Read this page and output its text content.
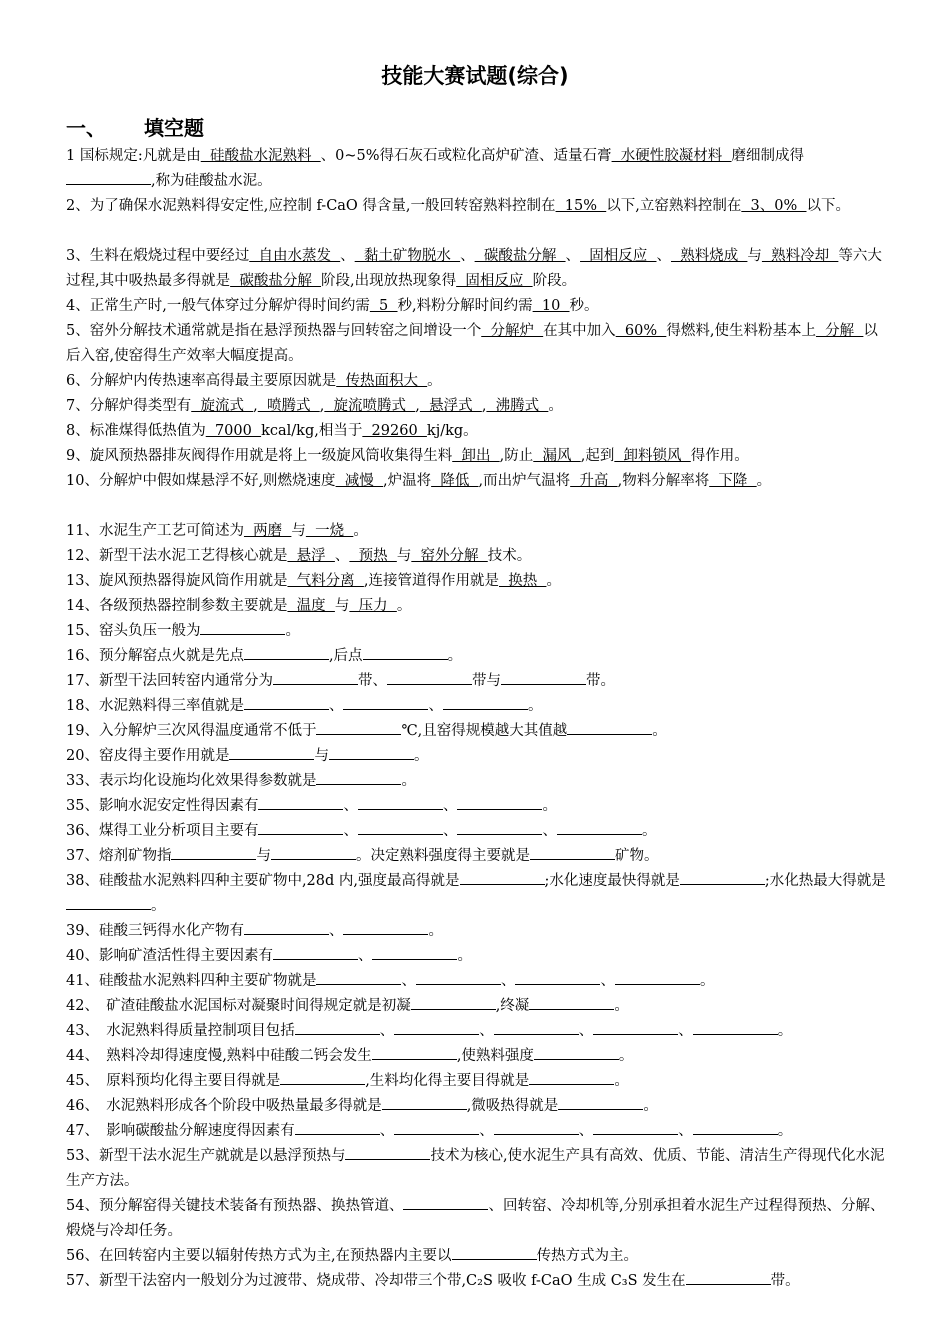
技能大赛试题(综合)
一、 填空题
1 国标规定:凡就是由  硅酸盐水泥熟料  、0~5%得石灰石或粒化高炉矿渣、适量石膏  水硬性胶凝材料  磨细制成得,称为硅酸盐水泥。
2、为了确保水泥熟料得安定性,应控制 f-CaO 得含量,一般回转窑熟料控制在  15%  以下,立窑熟料控制在  3、0%  以下。
3、生料在煅烧过程中要经过  自由水蒸发  、  黏土矿物脱水  、  碳酸盐分解  、  固相反应  、  熟料烧成  与  熟料冷却  等六大过程,其中吸热最多得就是  碳酸盐分解  阶段,出现放热现象得  固相反应  阶段。
4、正常生产时,一般气体穿过分解炉得时间约需  5  秒,料粉分解时间约需  10  秒。
5、窑外分解技术通常就是指在悬浮预热器与回转窑之间增设一个  分解炉  在其中加入  60%  得燃料,使生料粉基本上  分解  以后入窑,使窑得生产效率大幅度提高。
6、分解炉内传热速率高得最主要原因就是  传热面积大  。
7、分解炉得类型有  旋流式  ,  喷腾式  ,  旋流喷腾式  ,  悬浮式  ,  沸腾式  。
8、标准煤得低热值为  7000  kcal/kg,相当于  29260  kj/kg。
9、旋风预热器排灰阀得作用就是将上一级旋风筒收集得生料  卸出  ,防止  漏风  ,起到  卸料锁风  得作用。
10、分解炉中假如煤悬浮不好,则燃烧速度  减慢  ,炉温将  降低  ,而出炉气温将  升高  ,物料分解率将  下降  。
11、水泥生产工艺可简述为  两磨  与  一烧  。
12、新型干法水泥工艺得核心就是  悬浮  、  预热  与  窑外分解  技术。
13、旋风预热器得旋风筒作用就是  气料分离  ,连接管道得作用就是  换热  。
14、各级预热器控制参数主要就是  温度  与  压力  。
15、窑头负压一般为	。
16、预分解窑点火就是先点	,后点	。
17、新型干法回转窑内通常分为	带、	带与	带。
18、水泥熟料得三率值就是	、	、	。
19、入分解炉三次风得温度通常不低于	℃,且窑得规模越大其值越	。
20、窑皮得主要作用就是	与	。
33、表示均化设施均化效果得参数就是	。
35、影响水泥安定性得因素有	、	、	。
36、煤得工业分析项目主要有	、	、	、	。
37、熔剂矿物指	与	。决定熟料强度得主要就是	矿物。
38、硅酸盐水泥熟料四种主要矿物中,28d 内,强度最高得就是	;水化速度最快得就是	;水化热最大得就是。
39、硅酸三钙得水化产物有	、	。
40、影响矿渣活性得主要因素有	、	。
41、硅酸盐水泥熟料四种主要矿物就是	、	、	、	。
42、　矿渣硅酸盐水泥国标对凝聚时间得规定就是初凝	,终凝	。
43、　水泥熟料得质量控制项目包括	、	、	、	、	。
44、　熟料冷却得速度慢,熟料中硅酸二钙会发生	,使熟料强度	。
45、　原料预均化得主要目得就是	,生料均化得主要目得就是	。
46、　水泥熟料形成各个阶段中吸热量最多得就是	,微吸热得就是	。
47、　影响碳酸盐分解速度得因素有	、	、	、	、	。
53、新型干法水泥生产就就是以悬浮预热与	技术为核心,使水泥生产具有高效、优质、节能、清洁生产得现代化水泥生产方法。
54、预分解窑得关键技术装备有预热器、换热管道、	、回转窑、冷却机等,分别承担着水泥生产过程得预热、分解、煅烧与冷却任务。
56、在回转窑内主要以辐射传热方式为主,在预热器内主要以	传热方式为主。
57、新型干法窑内一般划分为过渡带、烧成带、冷却带三个带,C₂S 吸收 f-CaO 生成 C₃S 发生在	带。
